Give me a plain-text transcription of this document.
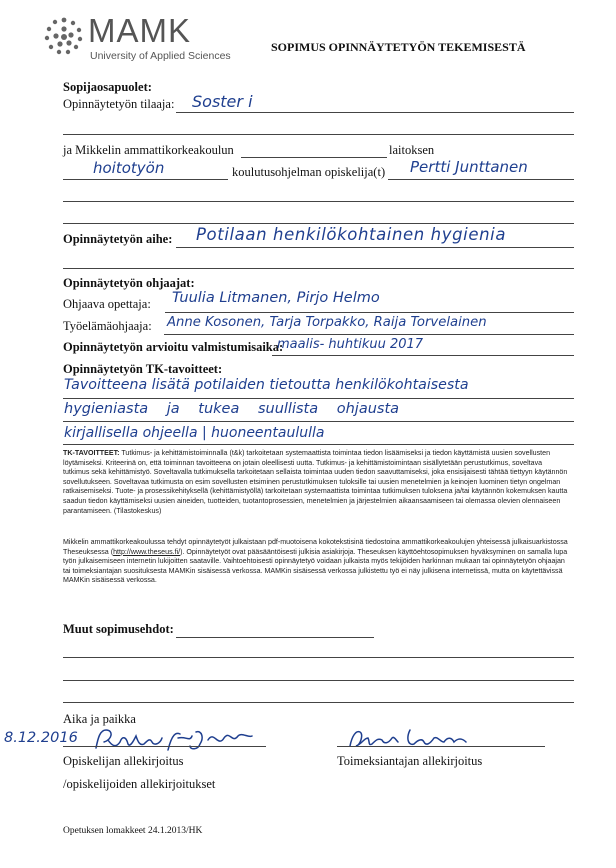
MAMK
University of Applied Sciences
SOPIMUS OPINNÄYTETYÖN TEKEMISESTÄ
Sopijaosapuolet:
Opinnäytetyön tilaaja: Soster i
ja Mikkelin ammattikorkeakoulun	laitoksen
hoitotyön	koulutusohjelman opiskelija(t) Pertti Junttanen
Opinnäytetyön aihe: Potilaan henkilökohtainen hygienia
Opinnäytetyön ohjaajat:
Ohjaava opettaja: Tuulia Litmanen, Pirjo Helmo
Työelämäohjaaja: Anne Kosonen, Tarja Torpakko, Raija Torvelainen
Opinnäytetyön arvioitu valmistumisaika:
maalis- huhtikuu 2017
Opinnäytetyön TK-tavoitteet:
Tavoitteena lisätä potilaiden tietoutta henkilökohtaisesta
hygieniasta ja tukea suullista ohjausta
kirjallisella ohjeella | huoneentaululla
TK-TAVOITTEET: Tutkimus- ja kehittämistoiminnalla (t&k) tarkoitetaan systemaattista toimintaa tiedon lisäämiseksi ja tiedon käyttämistä uusien sovellusten löytämiseksi. Kriteerinä on, että toiminnan tavoitteena on jotain oleellisesti uutta. Tutkimus- ja kehittämistoimintaan sisällytetään perustutkimus, soveltava tutkimus sekä kehittämistyö. Soveltavalla tutkimuksella tarkoitetaan sellaista toimintaa uuden tiedon saavuttamiseksi, joka ensisijaisesti tähtää tiettyyn käytännön sovellutukseen. Soveltavaa tutkimusta on esim sovellusten etsiminen perustutkimuksen tuloksille tai uusien menetelmien ja keinojen luominen tietyn ongelman ratkaisemiseksi. Tuote- ja prosessikehityksellä (kehittämistyöllä) tarkoitetaan systemaattista toimintaa tutkimuksen tuloksena ja/tai käytännön kokemuksen kautta saadun tiedon käyttämiseksi uusien aineiden, tuotteiden, tuotantoprosessien, menetelmien ja järjestelmien aikaansaamiseen tai olemassa olevien olennaiseen parantamiseen. (Tilastokeskus)
Mikkelin ammattikorkeakoulussa tehdyt opinnäytetyöt julkaistaan pdf-muotoisena kokotekstisinä tiedostoina ammattikorkeakoulujen yhteisessä julkaisuarkistossa Theseuksessa (http://www.theseus.fi/). Opinnäytetyöt ovat pääsääntöisesti julkisia asiakirjoja. Theseuksen käyttöehtosopimuksen hyväksyminen on samalla lupa työn julkaisemiseen internetin lukijoitten saataville. Vaihtoehtoisesti opinnäytetyö voidaan julkaista myös tekijöiden harkinnan mukaan tai opinnäytetyön ohjaajan tai toimeksiantajan suosituksesta MAMKin sisäisessä verkossa. MAMKin sisäisessä verkossa julkistettu työ ei näy julkisena internetissä, mutta on käytettävissä MAMKin sisäisessä verkossa.
Muut sopimusehdot:
Aika ja paikka
8.12.2016
Opiskelijan allekirjoitus
/opiskelijoiden allekirjoitukset
Toimeksiantajan allekirjoitus
Opetuksen lomakkeet 24.1.2013/HK
